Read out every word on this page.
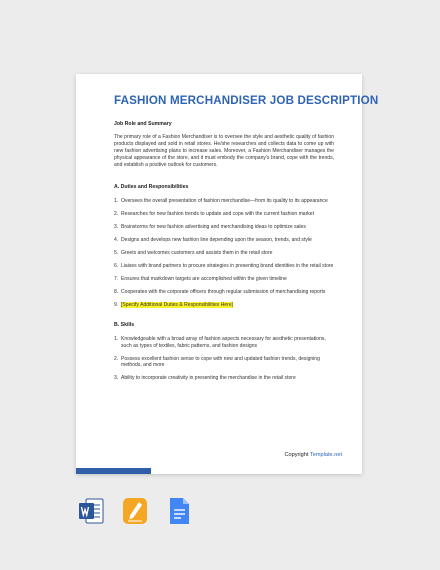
FASHION MERCHANDISER JOB DESCRIPTION
Job Role and Summary

The primary role of a Fashion Merchandiser is to oversee the style and aesthetic quality of fashion products displayed and sold in retail stores. He/she researches and collects data to come up with new fashion advertising plans to increase sales. Moreover, a Fashion Merchandiser manages the physical appearance of the store, and it must embody the company's brand, cope with the trends, and establish a positive outlook for customers.

A. Duties and Responsibilities
1. Oversees the overall presentation of fashion merchandise—from its quality to its appearance
2. Researches for new fashion trends to update and cope with the current fashion market
3. Brainstorms for new fashion advertising and merchandising ideas to optimize sales
4. Designs and develops new fashion line depending upon the season, trends, and style
5. Greets and welcomes customers and assists them in the retail store
6. Liaises with brand partners to procure strategies in presenting brand identities in the retail store
7. Ensures that markdown targets are accomplished within the given timeline
8. Cooperates with the corporate officers through regular submission of merchandising reports
9. [Specify Additional Duties & Responsibilities Here]
B. Skills
1. Knowledgeable with a broad array of fashion aspects necessary for aesthetic presentations, such as types of textiles, fabric patterns, and fashion designs
2. Possess excellent fashion sense to cope with new and updated fashion trends, designing methods, and more
3. Ability to incorporate creativity in presenting the merchandise in the retail store
Copyright Template.net
